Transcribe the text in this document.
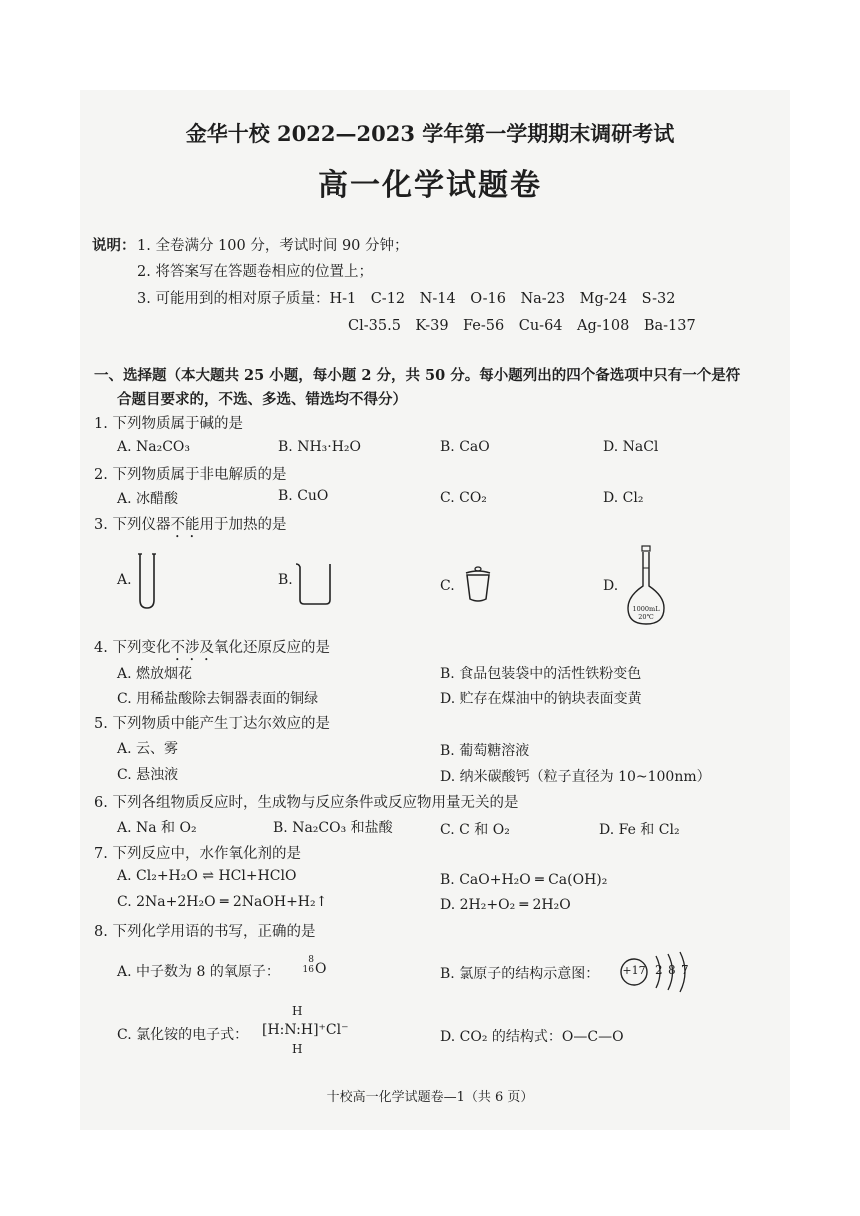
金华十校 2022—2023 学年第一学期期末调研考试
高一化学试题卷
说明： 1. 全卷满分 100 分，考试时间 90 分钟；
2. 将答案写在答题卷相应的位置上；
3. 可能用到的相对原子质量：H-1　C-12　N-14　O-16　Na-23　Mg-24　S-32
Cl-35.5　K-39　Fe-56　Cu-64　Ag-108　Ba-137
一、选择题（本大题共 25 小题，每小题 2 分，共 50 分。每小题列出的四个备选项中只有一个是符
合题目要求的，不选、多选、错选均不得分）
1. 下列物质属于碱的是
A. Na₂CO₃	B. NH₃·H₂O	B. CaO	D. NaCl
2. 下列物质属于非电解质的是
A. 冰醋酸	B. CuO	C. CO₂	D. Cl₂
3. 下列仪器不能用于加热的是
A.	B.	C.	D.
1000mL
20℃
4. 下列变化不涉及氧化还原反应的是
A. 燃放烟花	B. 食品包装袋中的活性铁粉变色
C. 用稀盐酸除去铜器表面的铜绿	D. 贮存在煤油中的钠块表面变黄
5. 下列物质中能产生丁达尔效应的是
A. 云、雾	B. 葡萄糖溶液
C. 悬浊液	D. 纳米碳酸钙（粒子直径为 10~100nm）
6. 下列各组物质反应时，生成物与反应条件或反应物用量无关的是
A. Na 和 O₂	B. Na₂CO₃ 和盐酸	C. C 和 O₂	D. Fe 和 Cl₂
7. 下列反应中，水作氧化剂的是
A. Cl₂+H₂O ⇌ HCl+HClO	B. CaO+H₂O ═ Ca(OH)₂
C. 2Na+2H₂O ═ 2NaOH+H₂↑	D. 2H₂+O₂ ═ 2H₂O
8. 下列化学用语的书写，正确的是
A. 中子数为 8 的氧原子：
8
16 O	B. 氯原子的结构示意图： +17 2 8 7
C. 氯化铵的电子式：
H
[H:N:H]⁺Cl⁻
H
D. CO₂ 的结构式：O—C—O
十校高一化学试题卷—1（共 6 页）
